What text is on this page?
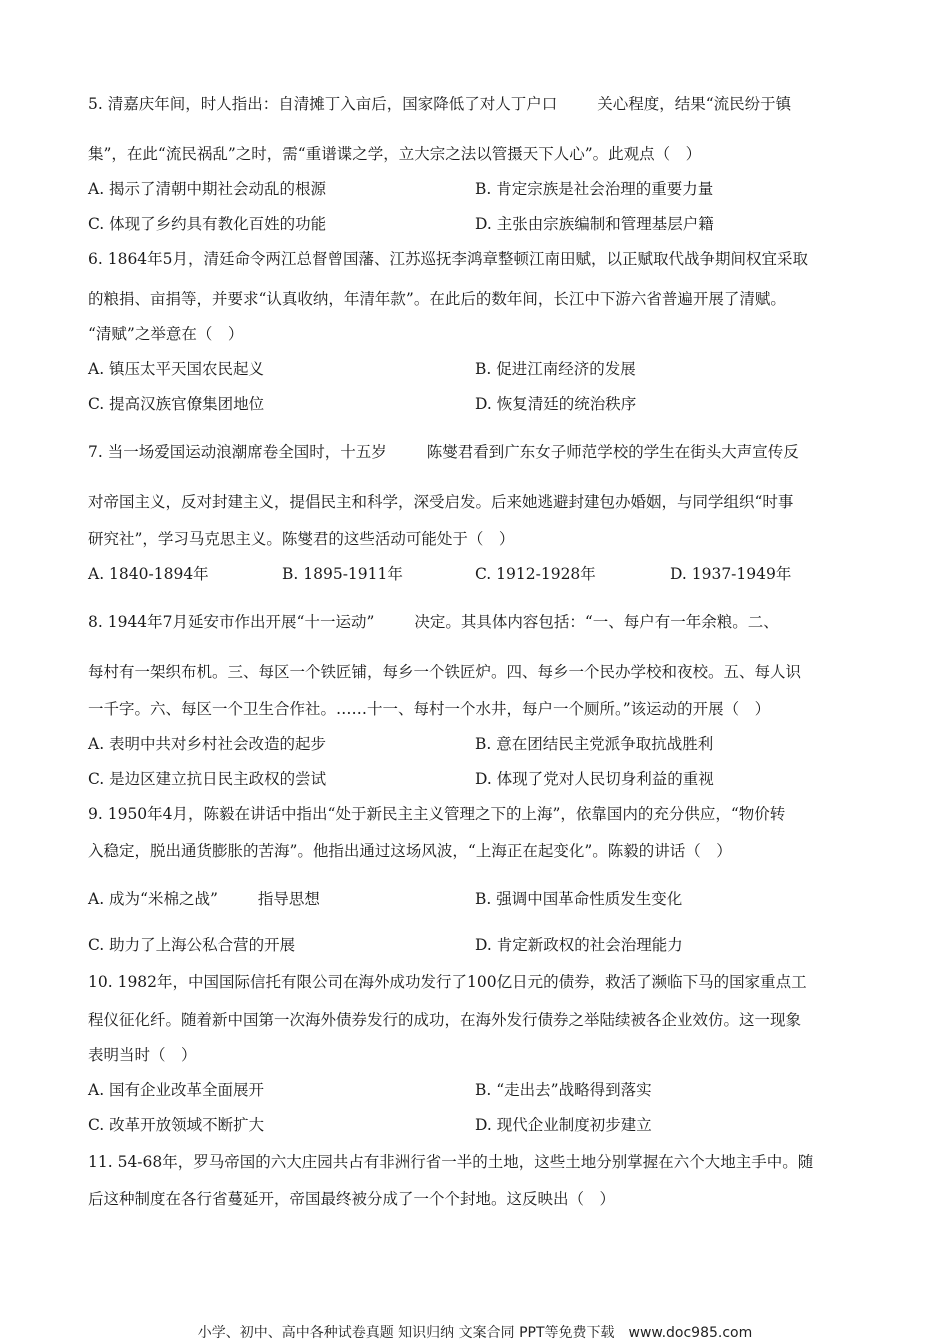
5. 清嘉庆年间，时人指出：自清摊丁入亩后，国家降低了对人丁户口	关心程度，结果“流民纷于镇
集”，在此“流民祸乱”之时，需“重谱谍之学，立大宗之法以管摄天下人心”。此观点（　）
A. 揭示了清朝中期社会动乱的根源	B. 肯定宗族是社会治理的重要力量
C. 体现了乡约具有教化百姓的功能	D. 主张由宗族编制和管理基层户籍
6. 1864年5月，清廷命令两江总督曾国藩、江苏巡抚李鸿章整顿江南田赋，以正赋取代战争期间权宜采取
的粮捐、亩捐等，并要求“认真收纳，年清年款”。在此后的数年间，长江中下游六省普遍开展了清赋。
“清赋”之举意在（　）
A. 镇压太平天国农民起义	B. 促进江南经济的发展
C. 提高汉族官僚集团地位	D. 恢复清廷的统治秩序
7. 当一场爱国运动浪潮席卷全国时，十五岁	陈燮君看到广东女子师范学校的学生在街头大声宣传反
对帝国主义，反对封建主义，提倡民主和科学，深受启发。后来她逃避封建包办婚姻，与同学组织“时事
研究社”，学习马克思主义。陈燮君的这些活动可能处于（　）
A. 1840-1894年	B. 1895-1911年	C. 1912-1928年	D. 1937-1949年
8. 1944年7月延安市作出开展“十一运动”	决定。其具体内容包括：“一、每户有一年余粮。二、
每村有一架织布机。三、每区一个铁匠铺，每乡一个铁匠炉。四、每乡一个民办学校和夜校。五、每人识
一千字。六、每区一个卫生合作社。……十一、每村一个水井，每户一个厕所。”该运动的开展（　）
A. 表明中共对乡村社会改造的起步	B. 意在团结民主党派争取抗战胜利
C. 是边区建立抗日民主政权的尝试	D. 体现了党对人民切身利益的重视
9. 1950年4月，陈毅在讲话中指出“处于新民主主义管理之下的上海”，依靠国内的充分供应，“物价转
入稳定，脱出通货膨胀的苦海”。他指出通过这场风波，“上海正在起变化”。陈毅的讲话（　）
A. 成为“米棉之战”	指导思想	B. 强调中国革命性质发生变化
C. 助力了上海公私合营的开展	D. 肯定新政权的社会治理能力
10. 1982年，中国国际信托有限公司在海外成功发行了100亿日元的债券，救活了濒临下马的国家重点工
程仪征化纤。随着新中国第一次海外债券发行的成功，在海外发行债券之举陆续被各企业效仿。这一现象
表明当时（　）
A. 国有企业改革全面展开	B. “走出去”战略得到落实
C. 改革开放领域不断扩大	D. 现代企业制度初步建立
11. 54-68年，罗马帝国的六大庄园共占有非洲行省一半的土地，这些土地分别掌握在六个大地主手中。随
后这种制度在各行省蔓延开，帝国最终被分成了一个个封地。这反映出（　）
小学、初中、高中各种试卷真题 知识归纳 文案合同 PPT等免费下载　www.doc985.com
